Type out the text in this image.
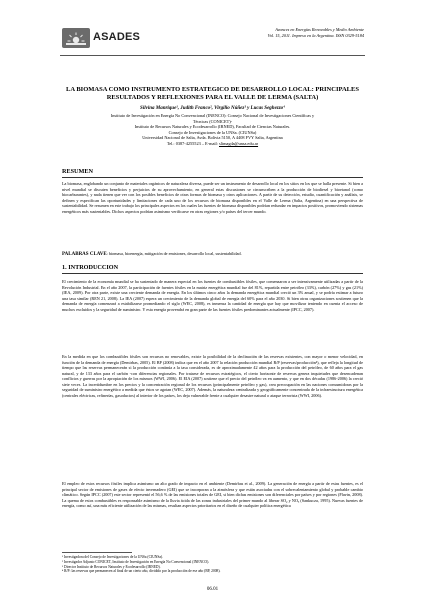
ASADES
Avances en Energías Renovables y Medio Ambiente
Vol. 15, 2011. Impreso en la Argentina. ISSN 0329-5184
LA BIOMASA COMO INSTRUMENTO ESTRATEGICO DE DESARROLLO LOCAL: PRINCIPALES
RESULTADOS Y REFLEXIONES PARA EL VALLE DE LERMA (SALTA)
Silvina Manrique¹, Judith Franco², Virgilio Núñez³ y Lucas Seghezzo⁴
Instituto de Investigación en Energía No Convencional (INENCO): Consejo Nacional de Investigaciones Científicas y
Técnicas (CONICET)-
Instituto de Recursos Naturales y Ecodesarrollo (IRNED), Facultad de Ciencias Naturales.
Consejo de Investigaciones de la UNSa. (CIUNSa)
Universidad Nacional de Salta, Avda. Bolivia 5150, A 4408 FVY Salta, Argentina
Tel.: 0387-4255523 – E-mail: slimagda@unsa.edu.ar
RESUMEN

La biomasa, englobando un conjunto de materiales orgánicos de naturaleza diversa, puede ser un instrumento de desarrollo local en los sitios en los que se halla presente. Si bien a nivel mundial se discuten beneficios y perjuicios de su aprovechamiento, en general estas discusiones se circunscriben a la producción de biodiesel y bioetanol (como biocarburantes), y nada tienen que ver con los posibles beneficios de otras formas de biomasa y otros aplicaciones. A partir de su detección, estudio, cuantificación y análisis, se definen y especifican las oportunidades y limitaciones de cada uno de los recursos de biomasa disponibles en el Valle de Lerma (Salta, Argentina) en una perspectiva de sustentabilidad. Se resumen en este trabajo los principales aspectos en los cuales las fuentes de biomasa disponibles podrían redundar en impactos positivos, promoviendo sistemas energéticos más sustentables. Dichos aspectos podrían asimismo verificarse en otras regiones y/o países del tercer mundo.

PALABRAS CLAVE: biomasa, bioenergía, mitigación de emisiones, desarrollo local, sustentabilidad.
1. INTRODUCCION

El crecimiento de la economía mundial se ha sustentado de manera especial en los fuentes de combustibles fósiles, que comenzaron a ser intensivamente utilizadas a partir de la Revolución Industrial. En el año 2007, la participación de fuentes fósiles en la matriz energética mundial fue del 81%, repartida entre petróleo (33%), carbón (27%) y gas (21%)(IEA, 2009). Por otra parte, existe una creciente demanda de energía. En los últimos cinco años la demanda energética mundial creció un 3% anual, y se podría estimar a futuro una tasa similar (REN 21, 2008). La IEA (2007) espera un crecimiento de la demanda global de energía del 60% para el año 2030. Si bien otras organizaciones sostienen que la demanda de energía comenzará a estabilizarse promediando el siglo (WEC, 2008), es inmensa la cantidad de energía que hay que movilizar teniendo en cuenta el acceso de muchos excluidos y la seguridad de suministro. Y esta energía provendrá en gran parte de las fuentes fósiles predominantes actualmente (IPCC, 2007).

En la medida en que los combustibles fósiles son recursos no renovables, existe la posibilidad de la declinación de las reservas existentes, con mayor o menor velocidad, en función de la demanda de energía (Demirbas, 2005). El BP (2008) indica que en el año 2007 la relación producción mundial R/P (reservas/producción²), que refleja la longitud de tiempo que las reservas permanecerán si la producción continúa a la tasa considerada, es de aproximadamente 42 años para la producción del petróleo, de 60 años para el gas natural, y de 133 años para el carbón -con diferencias regionales. Por tratarse de recursos estratégicos, el cierto horizonte de reservas genera inquietudes que desencadenan conflictos y guerras por la apropiación de los mismos (WWI, 2006). El EIA (2007) sostiene que el precio del petróleo va en aumento, y que en dos décadas (1986-2006) la creció siete veces. La incertidumbre en los precios y la concentración regional de los recursos (principalmente petróleo y gas), crea preocupación en las naciones consumidoras por la seguridad de suministro energético a medida que éstos se agotan (WEC, 2007). Además, la naturaleza centralizada y geográficamente concentrada de la infraestructura energética (centrales eléctricas, refinerías, gasoductos) al interior de los países, los deja vulnerable frente a cualquier desastre natural o ataque terrorista (WWI, 2006).

El empleo de estos recursos fósiles implica asimismo un alto grado de impacto en el ambiente (Demirbas et al., 2009). La generación de energía a partir de estas fuentes, es el principal sector de emisiones de gases de efecto invernadero (GEI) que se incorporan a la atmósfera y que están asociadas con el sobrecalentamiento global y probable cambio climático. Según IPCC (2007) este sector representó el 56,6 % de las emisiones totales de GEI, si bien dichas emisiones son diferenciales por países y por regiones (Flavin, 2008). La quema de estos combustibles es responsable asimismo de la lluvia ácida de las zonas industriales del primer mundo al liberar SO₂ y NOₓ (Sankucza, 1995). Nuevas fuentes de energía, como así, una más eficiente utilización de las mismas, resultan aspectos prioritarios en el diseño de cualquier política energética

¹ Investigadora del Consejo de Investigaciones de la UNSa (CIUNSa).
² Investigador Adjunto CONICET, Instituto de Investigación en Energía No Convencional (INENCO).
³ Director Instituto de Recursos Naturales y Ecodesarrollo (IRNED).
⁴ R/P: las reservas que permanecen al final de un cierto año, dividido por la producción de ese año (BP, 2008).
06.01
